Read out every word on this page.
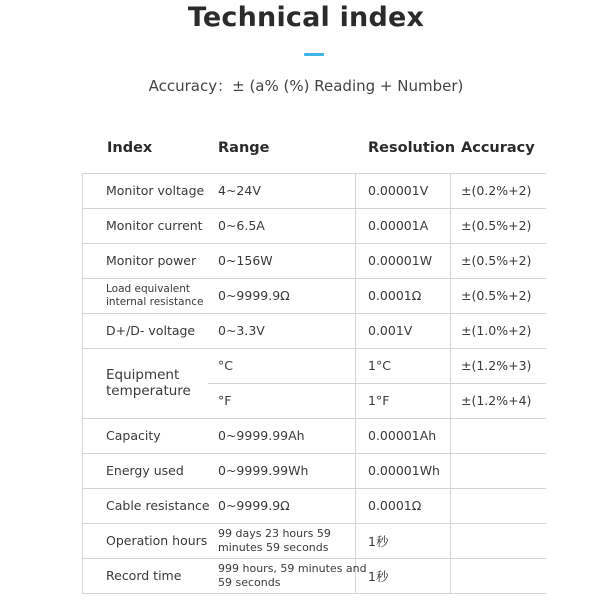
Technical index
Accuracy：± (a% (%) Reading + Number)
Index	Range	Resolution Accuracy
Monitor voltage	4~24V	0.00001V	±(0.2%+2)
Monitor current	0~6.5A	0.00001A	±(0.5%+2)
Monitor power	0~156W	0.00001W	±(0.5%+2)
Load equivalent internal resistance	0~9999.9Ω	0.0001Ω	±(0.5%+2)
D+/D- voltage	0~3.3V	0.001V	±(1.0%+2)
Equipment temperature
°C	1°C	±(1.2%+3)
°F	1°F	±(1.2%+4)
Capacity	0~9999.99Ah	0.00001Ah
Energy used	0~9999.99Wh	0.00001Wh
Cable resistance 0~9999.9Ω	0.0001Ω
Operation hours 99 days 23 hours 59 minutes 59 seconds	1秒
Record time	999 hours, 59 minutes and 59 seconds	1秒
